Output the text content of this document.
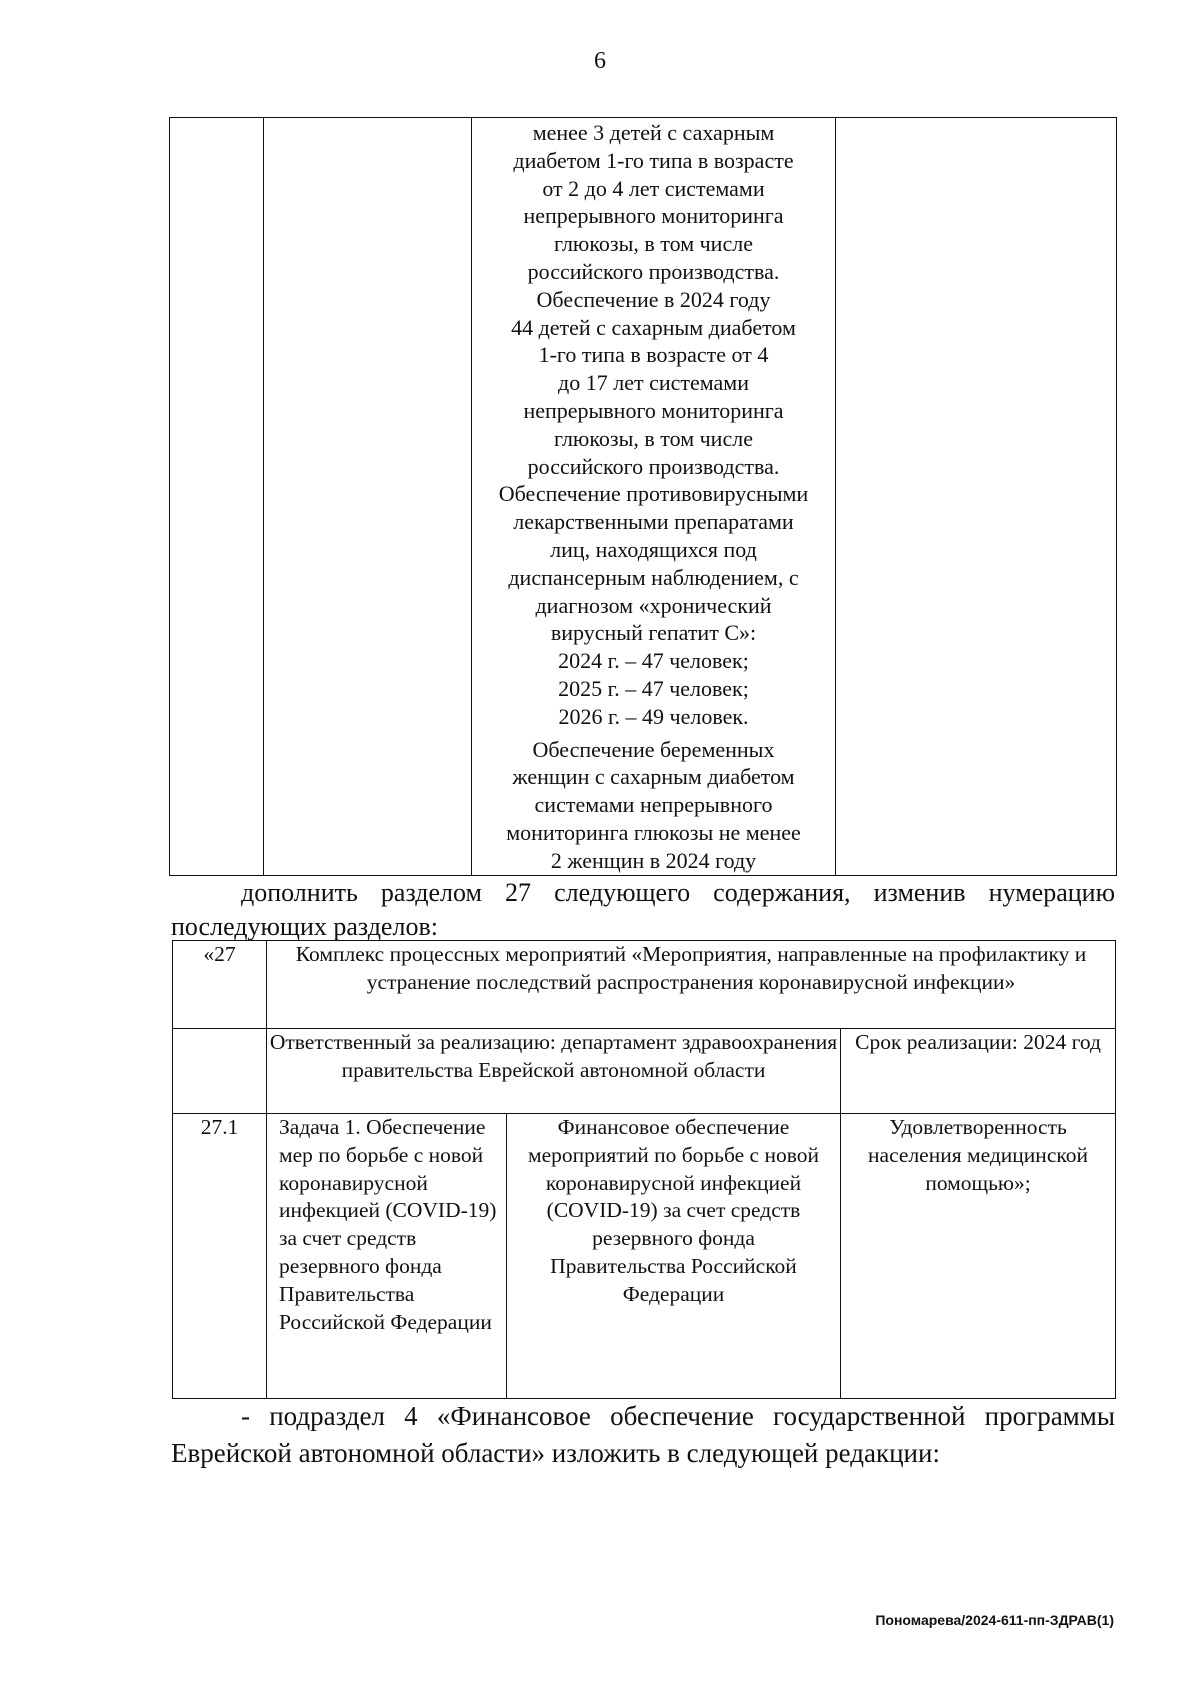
6

менее 3 детей с сахарным
диабетом 1-го типа в возрасте
от 2 до 4 лет системами
непрерывного мониторинга
глюкозы, в том числе
российского производства.
Обеспечение в 2024 году
44 детей с сахарным диабетом
1-го типа в возрасте от 4
до 17 лет системами
непрерывного мониторинга
глюкозы, в том числе
российского производства.
Обеспечение противовирусными
лекарственными препаратами
лиц, находящихся под
диспансерным наблюдением, с
диагнозом «хронический
вирусный гепатит С»:
2024 г. – 47 человек;
2025 г. – 47 человек;
2026 г. – 49 человек.
Обеспечение беременных
женщин с сахарным диабетом
системами непрерывного
мониторинга глюкозы не менее
2 женщин в 2024 году

дополнить разделом 27 следующего содержания, изменив нумерацию последующих разделов:

«27	Комплекс процессных мероприятий «Мероприятия, направленные на профилактику и устранение последствий распространения коронавирусной инфекции»		
	Ответственный за реализацию: департамент здравоохранения правительства Еврейской автономной области		Срок реализации: 2024 год
27.1	Задача 1. Обеспечение мер по борьбе с новой коронавирусной инфекцией (COVID-19) за счет средств резервного фонда Правительства Российской Федерации	Финансовое обеспечение мероприятий по борьбе с новой коронавирусной инфекцией (COVID-19) за счет средств резервного фонда Правительства Российской Федерации	Удовлетворенность населения медицинской помощью»;

- подраздел 4 «Финансовое обеспечение государственной программы Еврейской автономной области» изложить в следующей редакции:

Пономарева/2024-611-пп-ЗДРАВ(1)
